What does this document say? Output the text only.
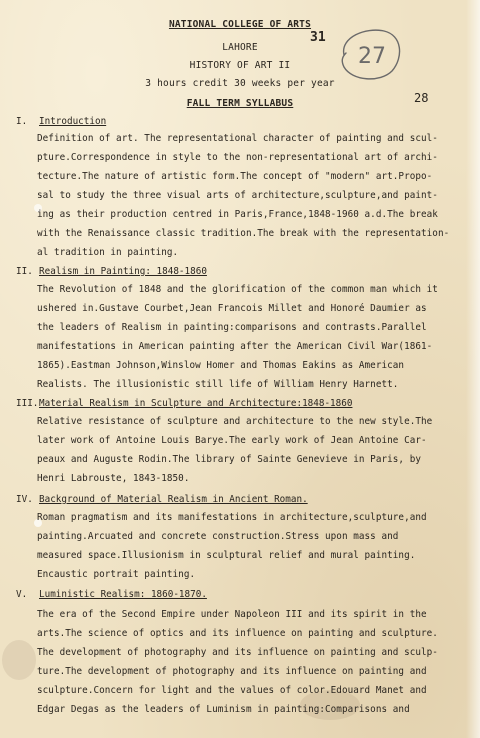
NATIONAL COLLEGE OF ARTS
LAHORE
HISTORY OF ART II
3 hours credit 30 weeks per year
FALL TERM SYLLABUS
31
28
27
I. Introduction
Definition of art. The representational character of painting and scul-
pture.Correspondence in style to the non-representational art of archi-
tecture.The nature of artistic form.The concept of "modern" art.Propo-
sal to study the three visual arts of architecture,sculpture,and paint-
ing as their production centred in Paris,France,1848-1960 a.d.The break
with the Renaissance classic tradition.The break with the representation-
al tradition in painting.
II. Realism in Painting: 1848-1860
The Revolution of 1848 and the glorification of the common man which it
ushered in.Gustave Courbet,Jean Francois Millet and Honoré Daumier as
the leaders of Realism in painting:comparisons and contrasts.Parallel
manifestations in American painting after the American Civil War(1861-
1865).Eastman Johnson,Winslow Homer and Thomas Eakins as American
Realists. The illusionistic still life of William Henry Harnett.
III.Material Realism in Sculpture and Architecture:1848-1860
Relative resistance of sculpture and architecture to the new style.The
later work of Antoine Louis Barye.The early work of Jean Antoine Car-
peaux and Auguste Rodin.The library of Sainte Genevieve in Paris, by
Henri Labrouste, 1843-1850.
IV. Background of Material Realism in Ancient Roman.
Roman pragmatism and its manifestations in architecture,sculpture,and
painting.Arcuated and concrete construction.Stress upon mass and
measured space.Illusionism in sculptural relief and mural painting.
Encaustic portrait painting.
V. Luministic Realism: 1860-1870.
The era of the Second Empire under Napoleon III and its spirit in the
arts.The science of optics and its influence on painting and sculpture.
The development of photography and its influence on painting and sculp-
ture.The development of photography and its influence on painting and
sculpture.Concern for light and the values of color.Edouard Manet and
Edgar Degas as the leaders of Luminism in painting:Comparisons and
